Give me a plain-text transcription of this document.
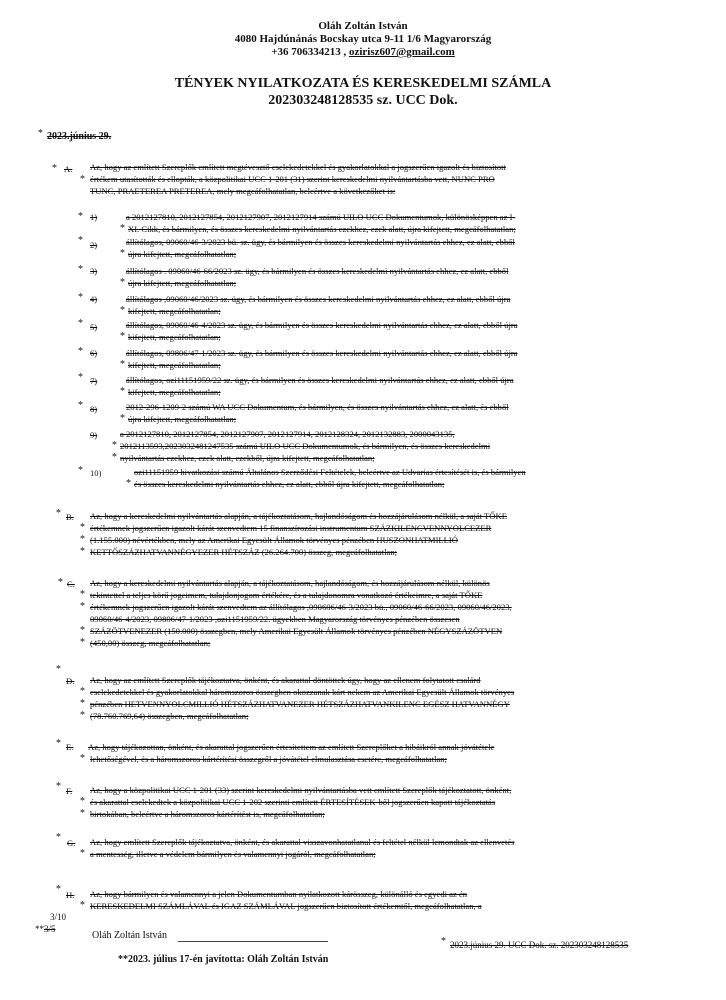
Oláh Zoltán István
4080 Hajdúnánás Bocskay utca 9-11 1/6 Magyarország
+36 706334213 , ozirisz607@gmail.com
TÉNYEK NYILATKOZATA ÉS KERESKEDELMI SZÁMLA
202303248128535 sz. UCC Dok.
* 2023.június 29.
* A. Az, hogy az említett Szereplők említett megtévesztő cselekedetekkel és gyakorlatokkal a jogszerűen igazolt és biztosított
* értékem utasították és ellopták, a közpolitikai UCC 1-201 (31) szerint kereskedelmi nyilvántartásba vett, NUNC PRO
TUNC, PRAETEREA PRETEREA, mely megcáfolhatatlan, beleértve a következőket is:
* 1)	a 2012127810, 2012127854, 2012127907, 2012127914 számú UILO UCC Dokumentumok, különösképpen az I-
* XI. Cikk, és bármilyen, és összes kereskedelmi nyilvántartás ezekhez, ezek alatt, újra kifejtett, megcáfolhatatlan;
* 2)	állítólagos, 09060/46-3/2023 bü. sz. ügy, és bármilyen és összes kereskedelmi nyilvántartás ehhez, ez alatt, ebből
* újra kifejtett, megcáfolhatatlan;
* 3)	állítólagos . 09060/46-66/2023 sz. ügy, és bármilyen és összes kereskedelmi nyilvántartás ehhez, ez alatt, ebből
* újra kifejtett, megcáfolhatatlan;
* 4)	állítólagos ,09060/46/2023 sz. ügy, és bármilyen és összes kereskedelmi nyilvántartás ehhez, ez alatt, ebből újra
* kifejtett, megcáfolhatatlan;
* 5)	állítólagos, 09060/46-4/2023 sz. ügy, és bármilyen és összes kereskedelmi nyilvántartás ehhez, ez alatt, ebből újra
* kifejtett, megcáfolhatatlan;
* 6)	állítólagos, 09806/47-1/2023 sz. ügy, és bármilyen és összes kereskedelmi nyilvántartás ehhez, ez alatt, ebből újra
* kifejtett, megcáfolhatatlan;
* 7)	állítólagos, ozi11151959/22 sz. ügy, és bármilyen és összes kereskedelmi nyilvántartás ehhez, ez alatt, ebből újra
* kifejtett, megcáfolhatatlan;
* 8)	2012-296-1209-2 számú WA UCC Dokumentum, és bármilyen, és összes nyilvántartás ehhez, ez alatt, és ebből
* újra kifejtett, megcáfolhatatlan;
9)	a 2012127810, 2012127854, 2012127907, 2012127914, 2012128324, 2012132883, 2000043135,
* 2012113593,2023032481247535 számú UILO UCC Dokumentumok, és bármilyen, és összes kereskedelmi
* nyilvántartás ezekhez, ezek alatt, ezekből, újra kifejtett, megcáfolhatatlan;
* 10)	ozi11151959 hivatkozási számú Általános Szerződési Feltételek, beleértve az Udvarias értesítését is, és bármilyen
* és összes kereskedelmi nyilvántartás ehhez, ez alatt, ebből újra kifejtett, megcáfolhatatlan;
* B. Az, hogy a kereskedelmi nyilvántartás alapján, a tájékoztatásom, hajlandóságom és hozzájárulásom nélkül, a saját TŐKE
* értékemnek jogszerűen igazolt kárát szenvedtem 15 finanszírozási instrumentum SZÁZKILENCVENNYOLCEZER
* (1.155.000) névértékben, mely az Amerikai Egyesült Államok törvényes pénzében HUSZONHATMILLIÓ
* KETTŐSZÁZHATVANNÉGYEZER HÉTSZÁZ (26.264.700) összeg, megcáfolhatatlan;
* C. Az, hogy a kereskedelmi nyilvántartás alapján, a tájékoztatásom, hajlandóságom, és hozzájárulásom nélkül, különös
* tekintettel a teljes körű jogeimem, tulajdonjogom értékére, és a tulajdonomra vonatkozó értékeimre, a saját TŐKE
* értékemnek jogszerűen igazolt kárát szenvedtem az állítólagos ,090606/46-3/2023 bü., 09060/46-66/2023, 09060/46/2023,
09060/46-4/2023, 09806/47-1/2023 ,ozi1151959/22. ügyekben Magyarország törvényes pénzében összesen
* SZÁZÖTVENEZER (150.000) összegben, mely Amerikai Egyesült Államok törvényes pénzében NÉGYSZÁZÖTVEN
* (450,00) összeg, megcáfolhatatlan;
*
D. Az, hogy az említett Szereplők tájékoztatva, önként, és akarattal döntöttek úgy, hogy az ellenem folytatott csalárd
* cselekedetekkel és gyakorlatokkal háromszoros összegben okozzanak kárt nekem az Amerikai Egyesült Államok törvényes
* pénzében HETVENNYOLCMILLIÓ HÉTSZÁZHATVANEZER HÉTSZÁZHATVANKILENC EGÉSZ HATVANNÉGY
* (78.760.769,64) összegben, megcáfolhatatlan;
* E. Az, hogy tájékozottan, önként, és akarattal jogszerűen értesítettem az említett Szereplőket a hibáikról annak jóvátétele
* lehetőségével, és a háromszoros kártérítési összegről a jóvátétel elmulasztása esetére, megcáfolhatatlan;
* F. Az, hogy a közpolitikai UCC 1-201 (33) szerint kereskedelmi nyilvántartásba vett említett Szereplők tájékoztatott, önként,
* és akarattal cselekedtek a közpolitikai UCC 1-202 szerinti említett ÉRTESÍTÉSEK-ből jogszerűen kapott tájékoztatás
* birtokában, beleértve a háromszoros kártérítést is, megcáfolhatatlan;
* G. Az, hogy említett Szereplők tájékoztatva, önként, és akarattal visszavonhatatlanul és feltétel nélkül lemondtak az ellenvetés
* a mentesség, illetve a védelem bármilyen és valamennyi jogáról, megcáfolhatatlan;
* H. Az, hogy bármilyen és valamennyi a jelen Dokumentumban nyilatkozott kárösszeg, különálló és egyedi az én
* KERESKEDELMI SZÁMLÁVAL és IGAZ SZÁMLÁVAL jogszerűen biztosított értékemtől, megcáfolhatatlan, a
3/10
**3/5
Oláh Zoltán István
* 2023.június 29. UCC Dok. sz. 202303248128535
**2023. július 17-én javította: Oláh Zoltán István
